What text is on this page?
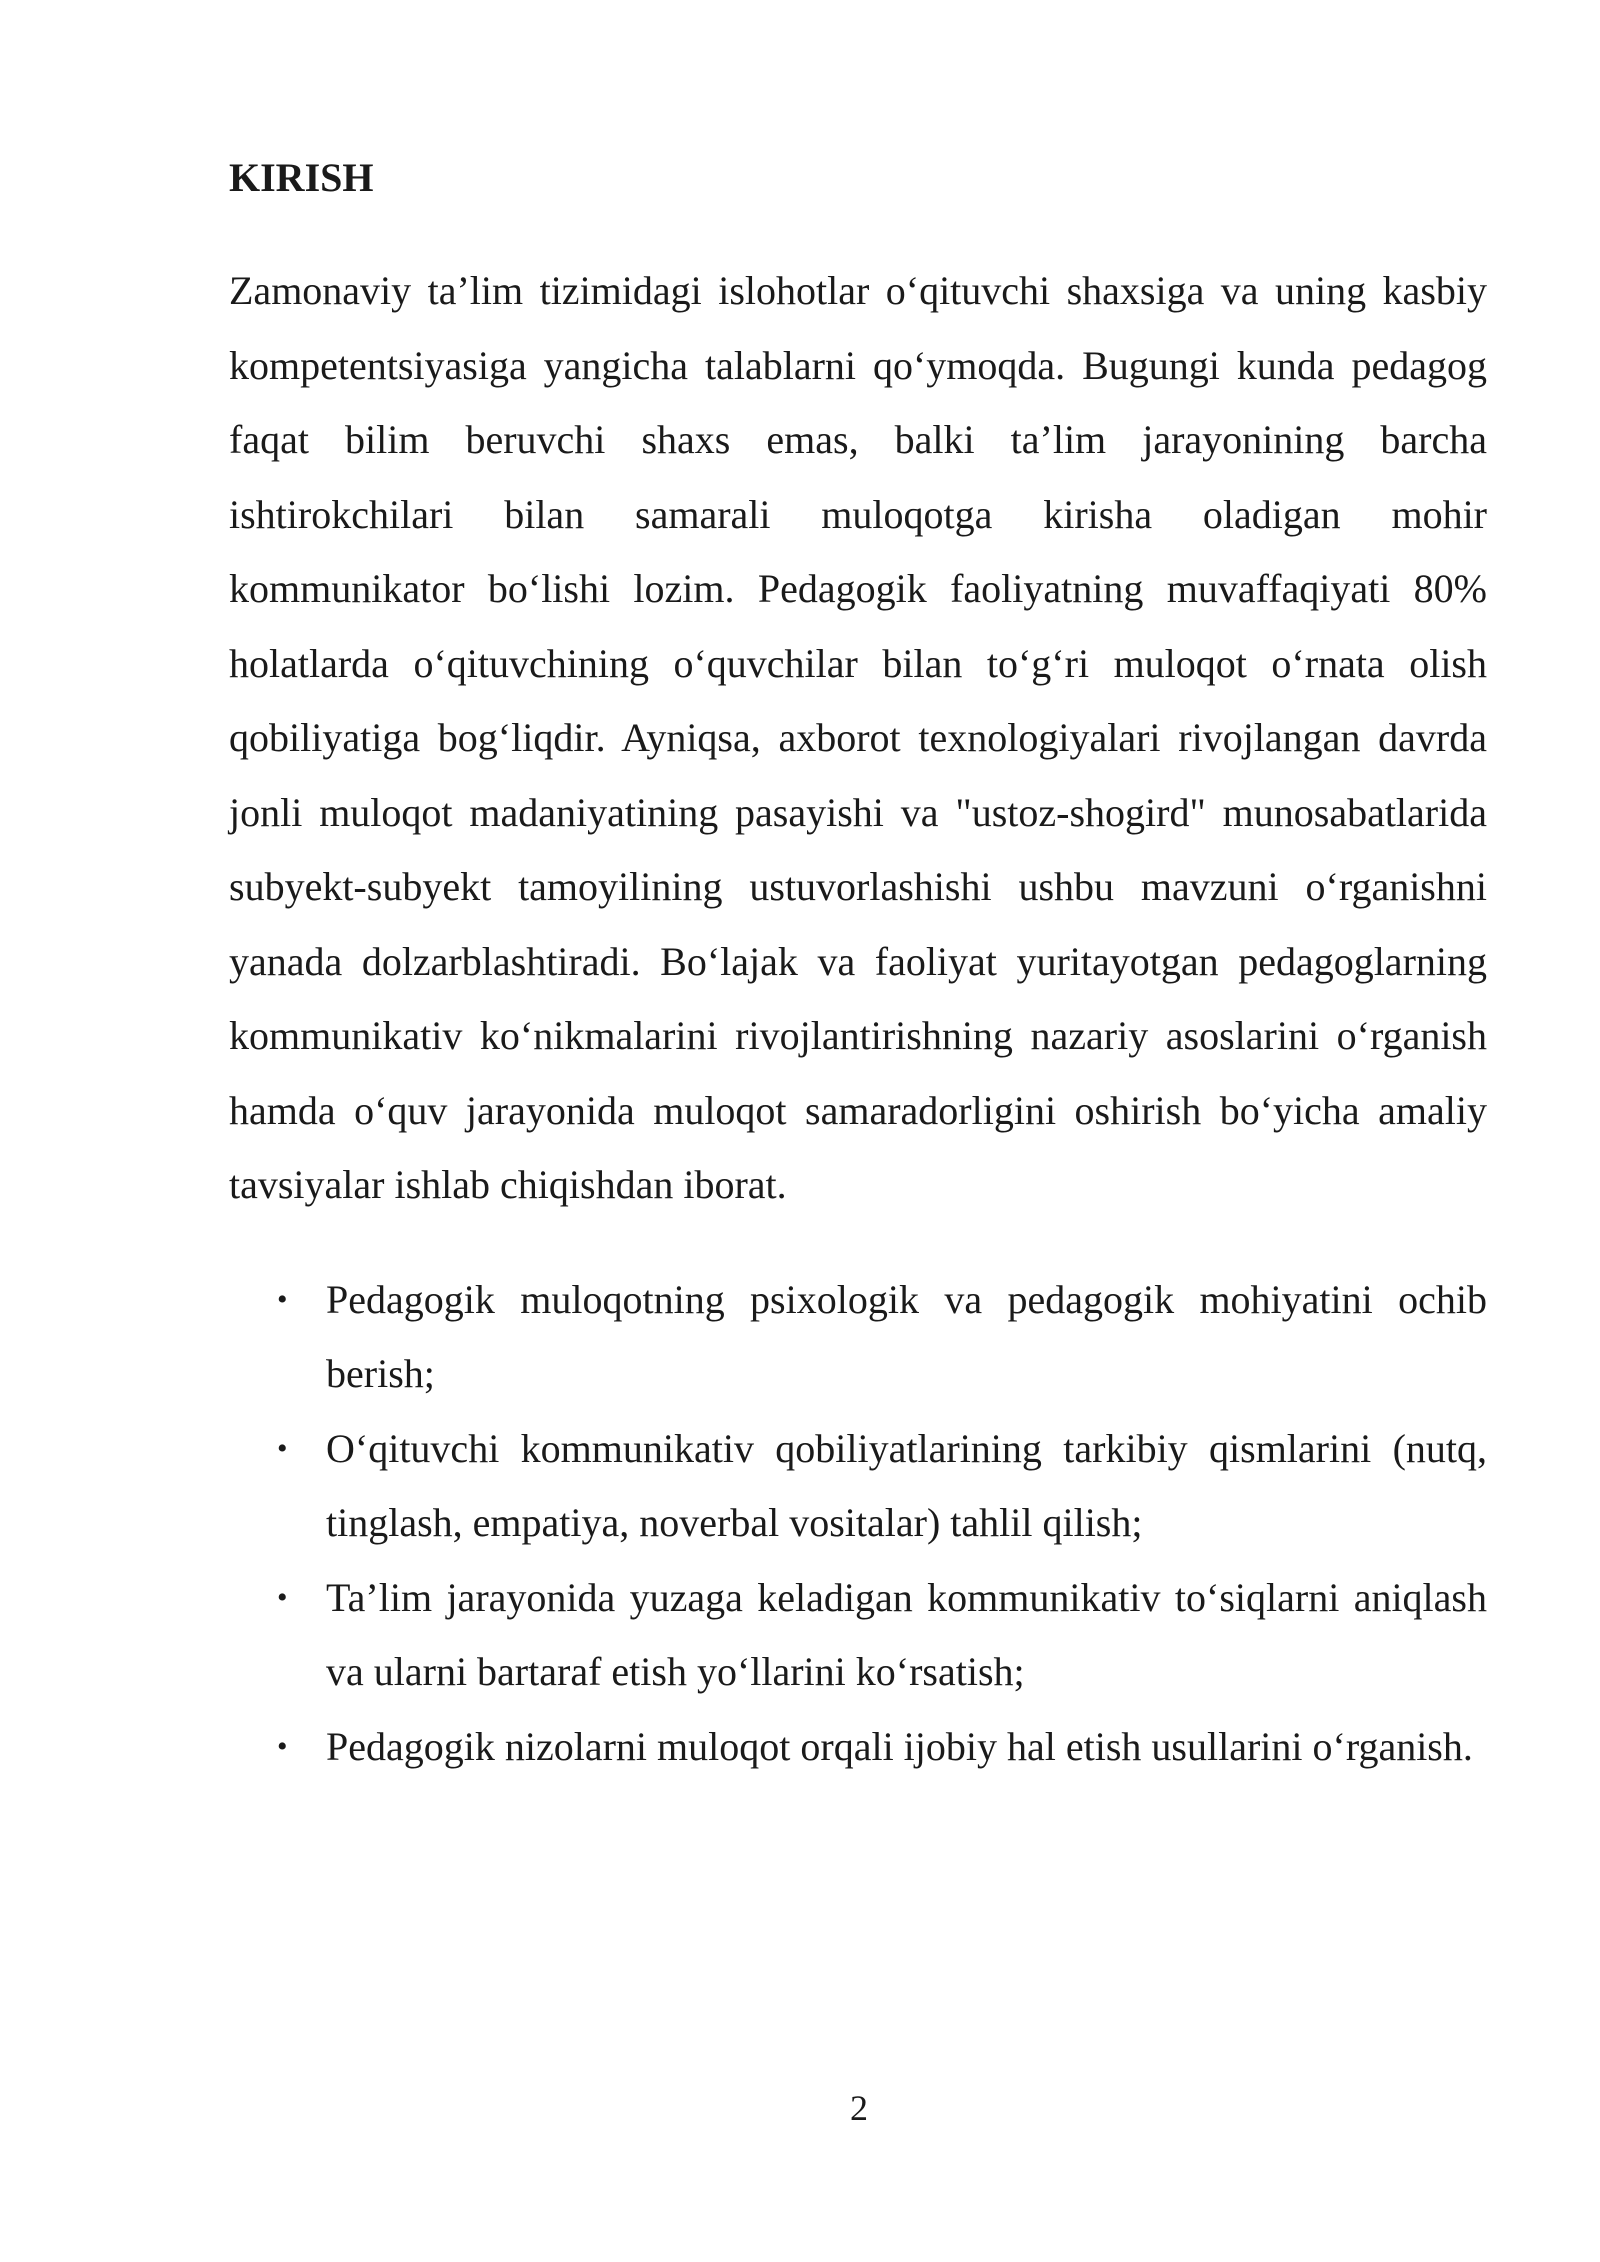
KIRISH

Zamonaviy ta’lim tizimidagi islohotlar o‘qituvchi shaxsiga va uning kasbiy kompetentsiyasiga yangicha talablarni qo‘ymoqda. Bugungi kunda pedagog faqat bilim beruvchi shaxs emas, balki ta’lim jarayonining barcha ishtirokchilari bilan samarali muloqotga kirisha oladigan mohir kommunikator bo‘lishi lozim. Pedagogik faoliyatning muvaffaqiyati 80% holatlarda o‘qituvchining o‘quvchilar bilan to‘g‘ri muloqot o‘rnata olish qobiliyatiga bog‘liqdir. Ayniqsa, axborot texnologiyalari rivojlangan davrda jonli muloqot madaniyatining pasayishi va "ustoz-shogird" munosabatlarida subyekt-subyekt tamoyilining ustuvorlashishi ushbu mavzuni o‘rganishni yanada dolzarblashtiradi. Bo‘lajak va faoliyat yuritayotgan pedagoglarning kommunikativ ko‘nikmalarini rivojlantirishning nazariy asoslarini o‘rganish hamda o‘quv jarayonida muloqot samaradorligini oshirish bo‘yicha amaliy tavsiyalar ishlab chiqishdan iborat.

• Pedagogik muloqotning psixologik va pedagogik mohiyatini ochib berish;
• O‘qituvchi kommunikativ qobiliyatlarining tarkibiy qismlarini (nutq, tinglash, empatiya, noverbal vositalar) tahlil qilish;
• Ta’lim jarayonida yuzaga keladigan kommunikativ to‘siqlarni aniqlash va ularni bartaraf etish yo‘llarini ko‘rsatish;
• Pedagogik nizolarni muloqot orqali ijobiy hal etish usullarini o‘rganish.
2
